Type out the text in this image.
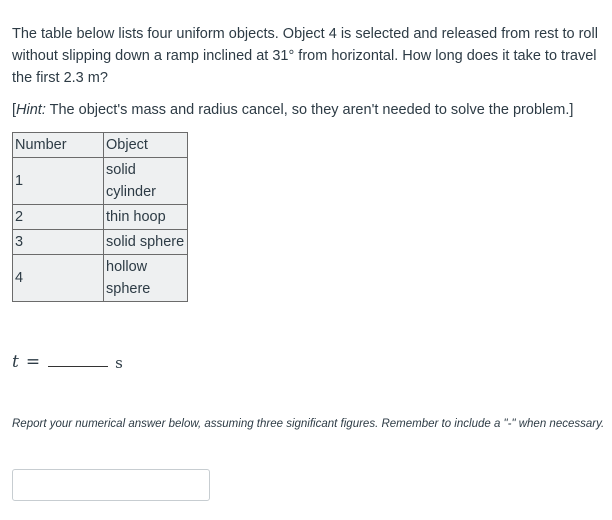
The table below lists four uniform objects. Object 4 is selected and released from rest to roll without slipping down a ramp inclined at 31° from horizontal. How long does it take to travel the first 2.3 m?
[Hint: The object's mass and radius cancel, so they aren't needed to solve the problem.]
Number	Object
1	solid
cylinder
2	thin hoop
3	solid sphere
4	hollow
sphere
t =	s
Report your numerical answer below, assuming three significant figures. Remember to include a "-" when necessary.
